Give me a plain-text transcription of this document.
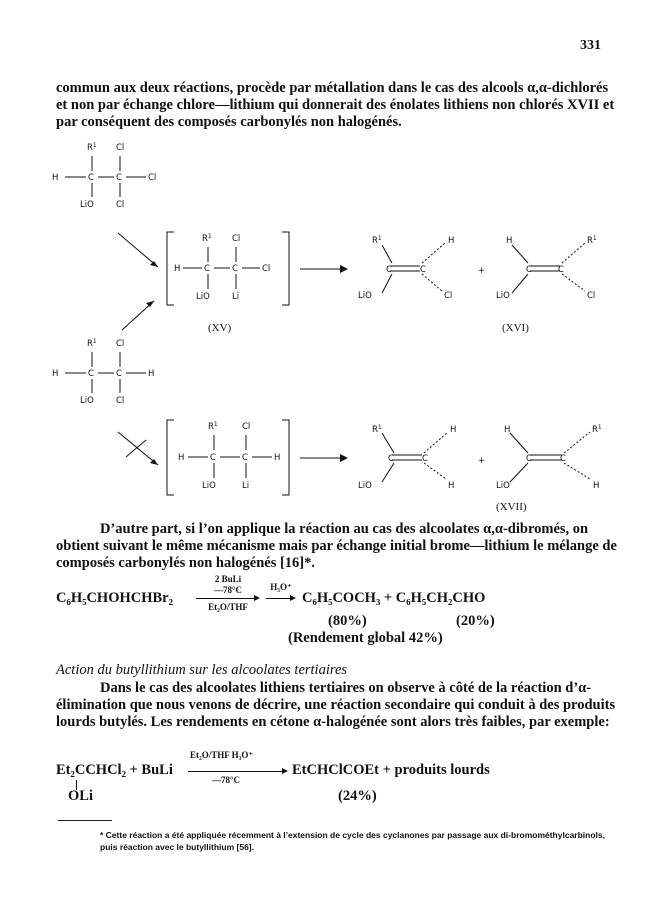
331

commun aux deux réactions, procède par métallation dans le cas des alcools α,α-dichlorés et non par échange chlore—lithium qui donnerait des énolates lithiens non chlorés XVII et par conséquent des composés carbonylés non halogénés.

$R^1$ Cl
H	C	C	Cl
LiO	Cl
$R^1$ Cl
H	C	C	Cl
LiO	Li
$R^1$	H
C	C
LiO	Cl
+
H	$R^1$
C	C
LiO	Cl
(XV)	(XVI)
$R^1$ Cl
H	C	C	H
LiO	Cl
$R^1$	Cl
H	C	C	H
LiO	Li
$R^1$	H
C	C
LiO	H
+
H	$R^1$
C	C
LiO	H
(XVII)

D’autre part, si l’on applique la réaction au cas des alcoolates α,α-dibromés, on obtient suivant le même mécanisme mais par échange initial brome—lithium le mélange de composés carbonylés non halogénés [16]*.

C₆H₅CHOHCHBr₂
2 BuLi
—78°C
Et₂O/THF
H₃O⁺
C₆H₅COCH₃ + C₆H₅CH₂CHO
(80%)	(20%)
(Rendement global 42%)

Action du butyllithium sur les alcoolates tertiaires

Dans le cas des alcoolates lithiens tertiaires on observe à côté de la réaction d’α-élimination que nous venons de décrire, une réaction secondaire qui conduit à des produits lourds butylés. Les rendements en cétone α-halogénée sont alors très faibles, par exemple:

Et₂CCHCl₂ + BuLi
OLi
Et₂O/THF H₃O⁺
—78°C
EtCHClCOEt + produits lourds
(24%)
* Cette réaction a été appliquée récemment à l’extension de cycle des cyclanones par passage aux di-bromométhylcarbinols, puis réaction avec le butyllithium [56].
